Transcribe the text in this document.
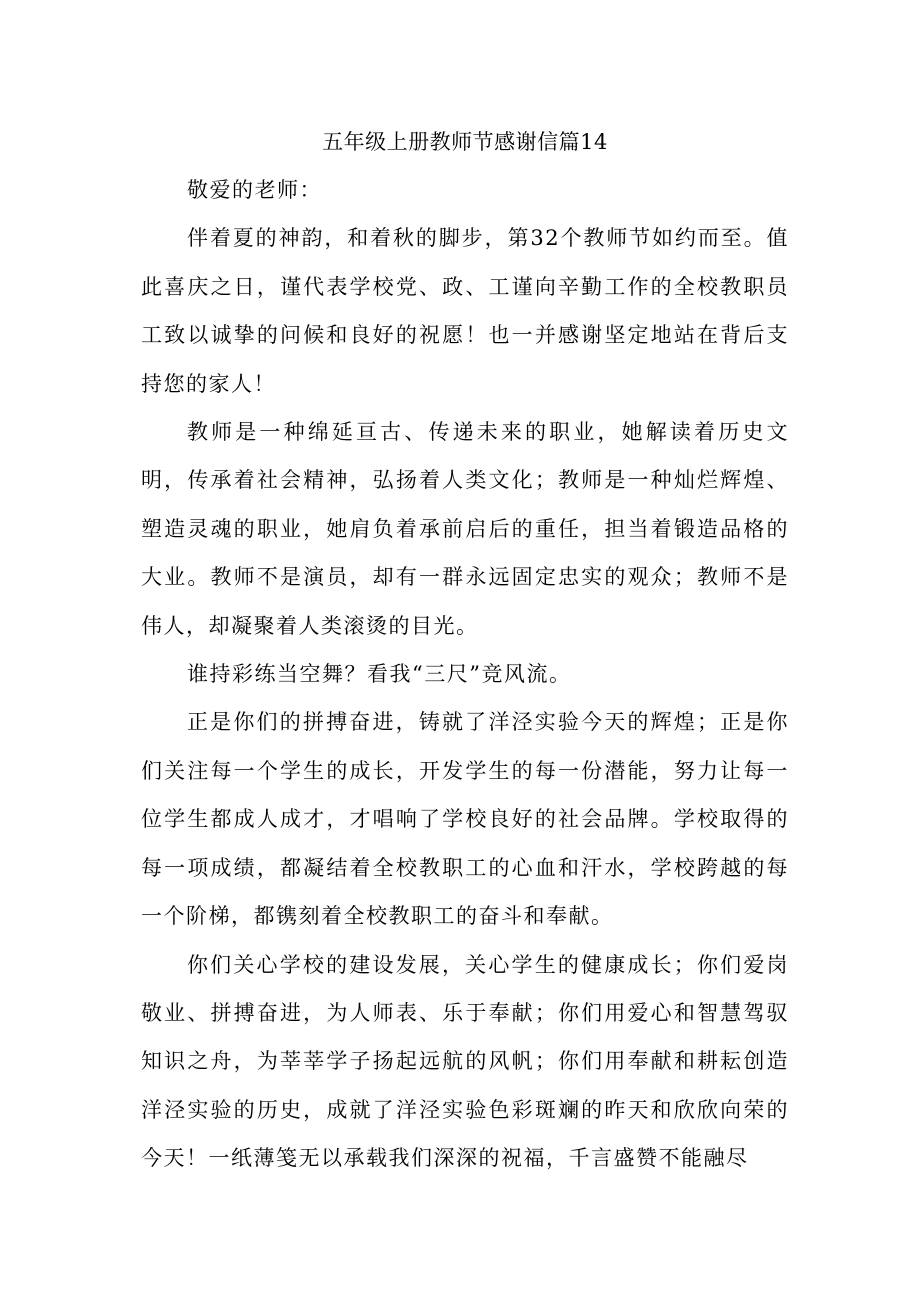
五年级上册教师节感谢信篇14

敬爱的老师：

伴着夏的神韵，和着秋的脚步，第32个教师节如约而至。值此喜庆之日，谨代表学校党、政、工谨向辛勤工作的全校教职员工致以诚挚的问候和良好的祝愿！也一并感谢坚定地站在背后支持您的家人！

教师是一种绵延亘古、传递未来的职业，她解读着历史文明，传承着社会精神，弘扬着人类文化；教师是一种灿烂辉煌、塑造灵魂的职业，她肩负着承前启后的重任，担当着锻造品格的大业。教师不是演员，却有一群永远固定忠实的观众；教师不是伟人，却凝聚着人类滚烫的目光。

谁持彩练当空舞？看我“三尺”竞风流。

正是你们的拼搏奋进，铸就了洋泾实验今天的辉煌；正是你们关注每一个学生的成长，开发学生的每一份潜能，努力让每一位学生都成人成才，才唱响了学校良好的社会品牌。学校取得的每一项成绩，都凝结着全校教职工的心血和汗水，学校跨越的每一个阶梯，都镌刻着全校教职工的奋斗和奉献。

你们关心学校的建设发展，关心学生的健康成长；你们爱岗敬业、拼搏奋进，为人师表、乐于奉献；你们用爱心和智慧驾驭知识之舟，为莘莘学子扬起远航的风帆；你们用奉献和耕耘创造洋泾实验的历史，成就了洋泾实验色彩斑斓的昨天和欣欣向荣的今天！一纸薄笺无以承载我们深深的祝福，千言盛赞不能融尽
